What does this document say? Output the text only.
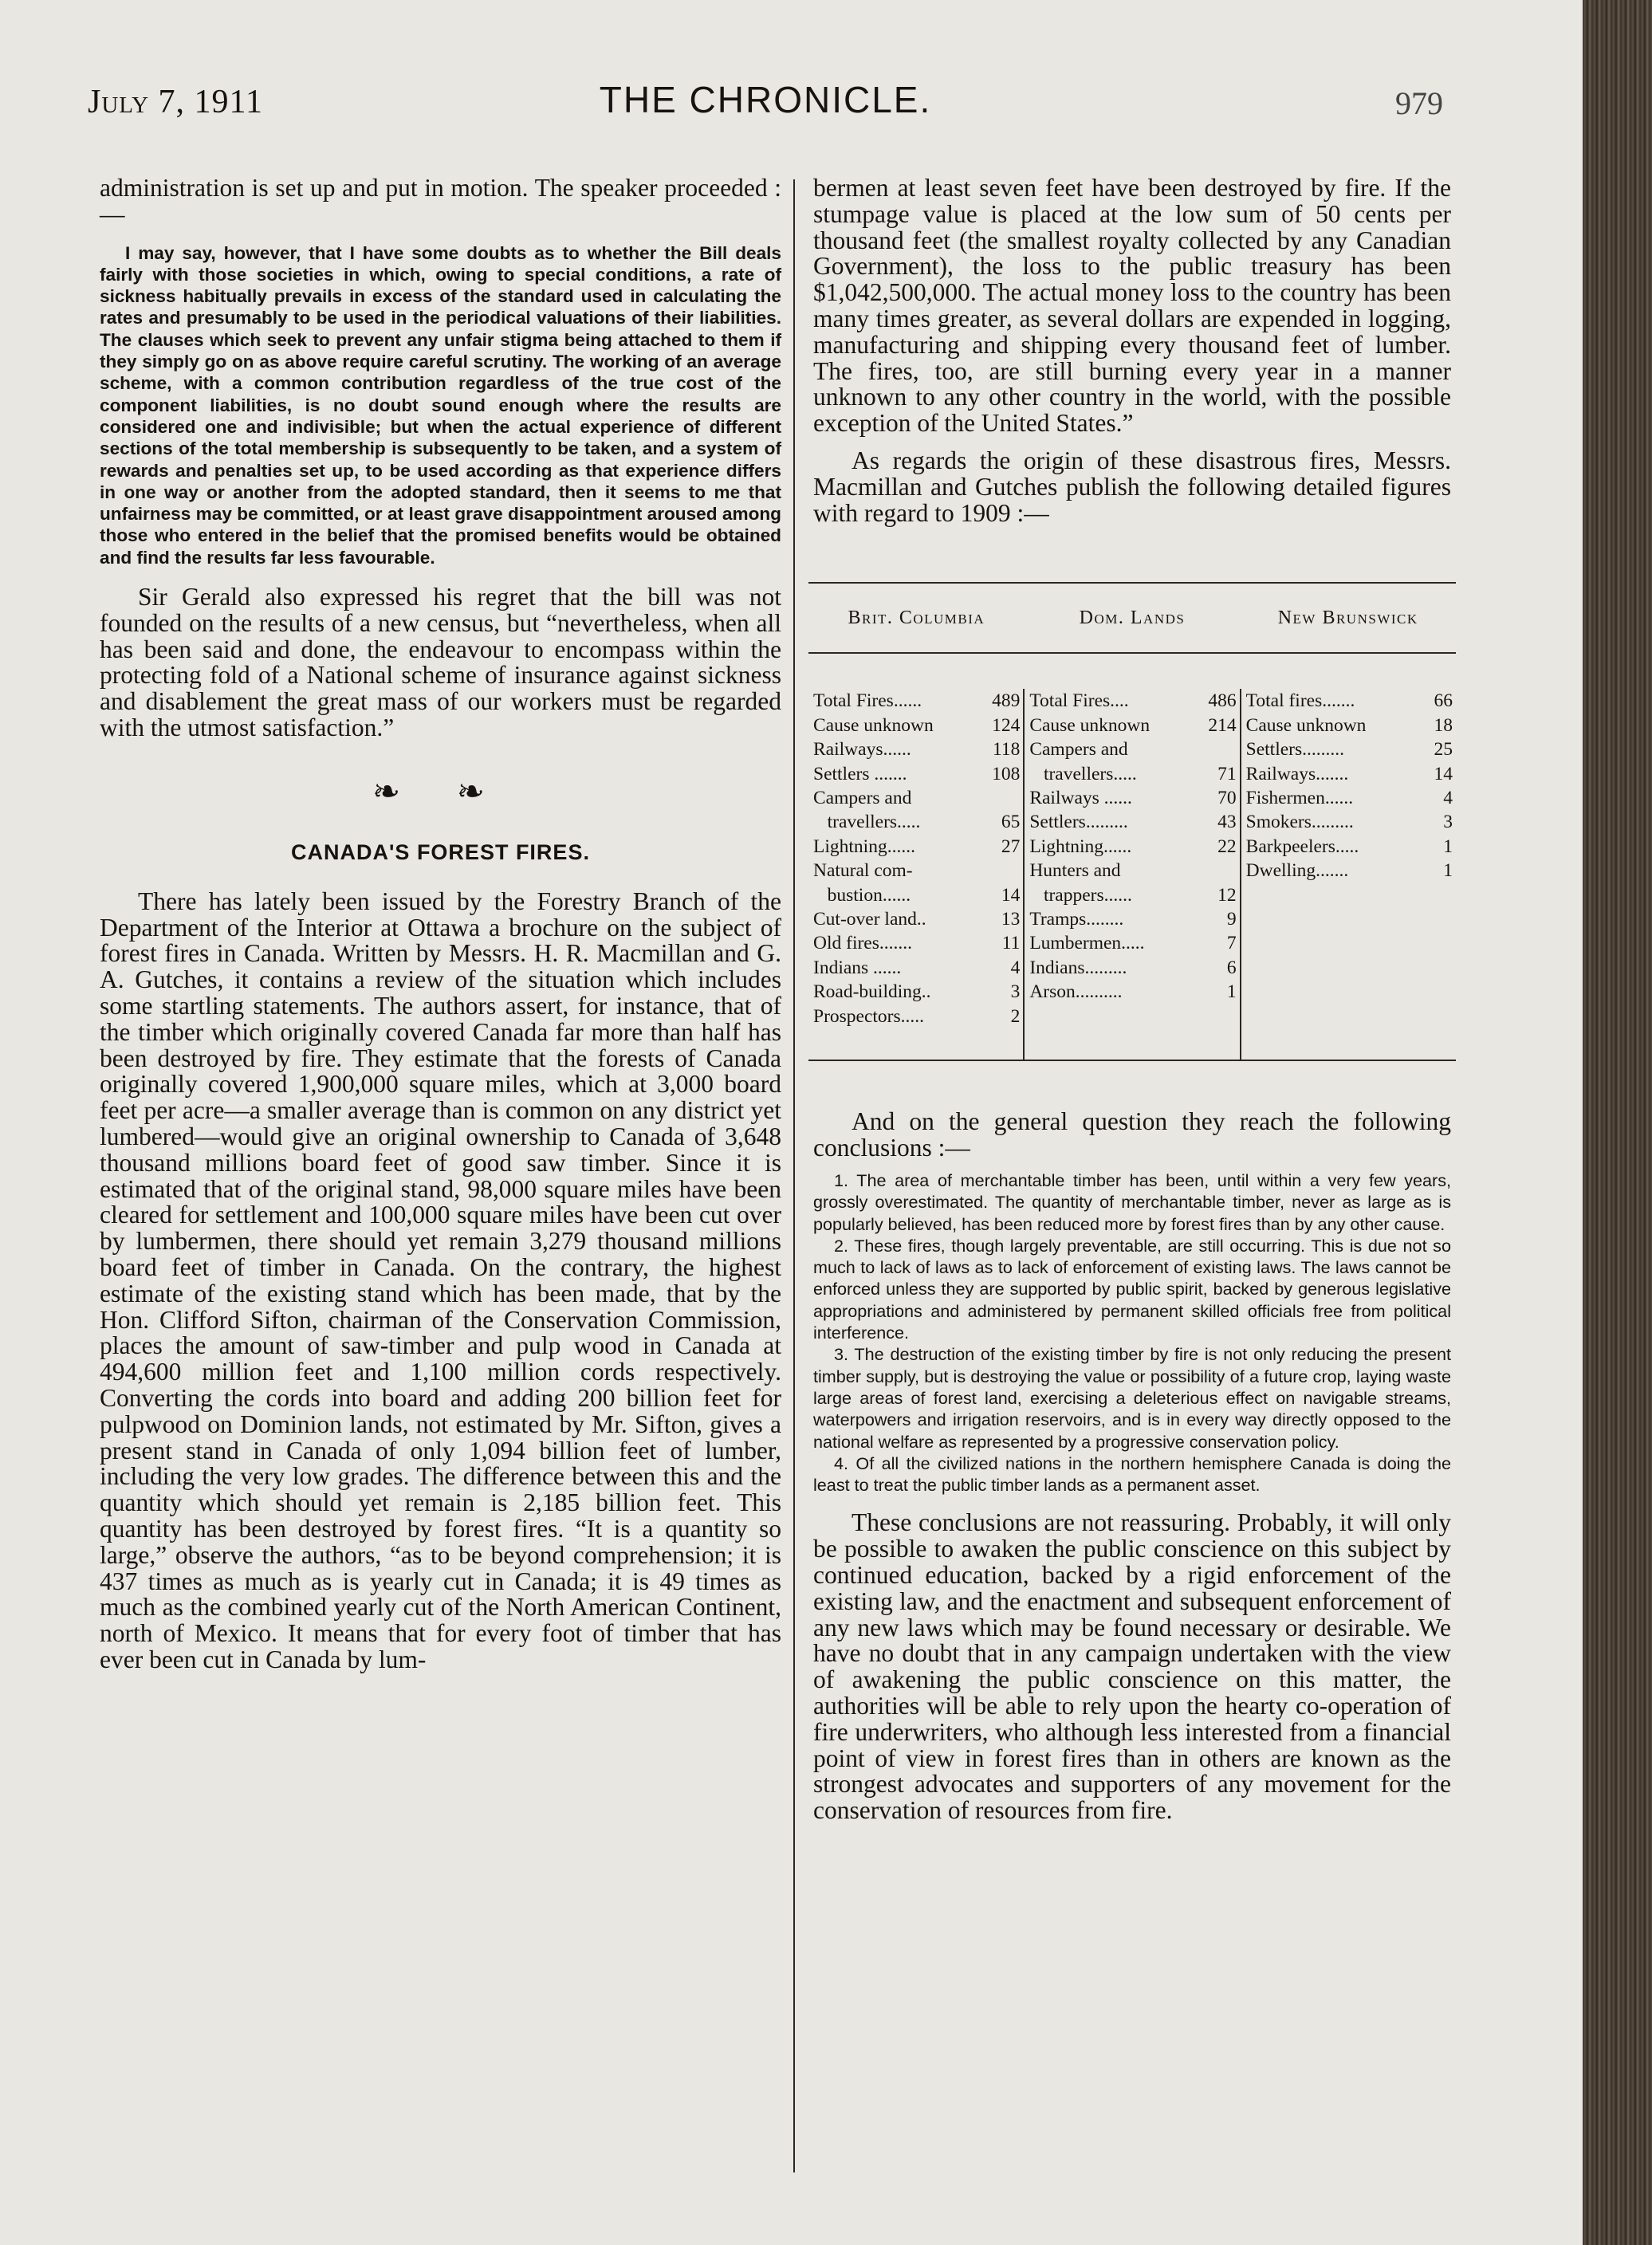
July 7, 1911	THE CHRONICLE.	979

administration is set up and put in motion. The speaker proceeded :—

I may say, however, that I have some doubts as to whether the Bill deals fairly with those societies in which, owing to special conditions, a rate of sickness habitually prevails in excess of the standard used in calculating the rates and presumably to be used in the periodical valuations of their liabilities. The clauses which seek to prevent any unfair stigma being attached to them if they simply go on as above require careful scrutiny. The working of an average scheme, with a common contribution regardless of the true cost of the component liabilities, is no doubt sound enough where the results are considered one and indivisible; but when the actual experience of different sections of the total membership is subsequently to be taken, and a system of rewards and penalties set up, to be used according as that experience differs in one way or another from the adopted standard, then it seems to me that unfairness may be committed, or at least grave disappointment aroused among those who entered in the belief that the promised benefits would be obtained and find the results far less favourable.

Sir Gerald also expressed his regret that the bill was not founded on the results of a new census, but “nevertheless, when all has been said and done, the endeavour to encompass within the protecting fold of a National scheme of insurance against sickness and disablement the great mass of our workers must be regarded with the utmost satisfaction.”

❧ ❧
CANADA'S FOREST FIRES.

There has lately been issued by the Forestry Branch of the Department of the Interior at Ottawa a brochure on the subject of forest fires in Canada. Written by Messrs. H. R. Macmillan and G. A. Gutches, it contains a review of the situation which includes some startling statements. The authors assert, for instance, that of the timber which originally covered Canada far more than half has been destroyed by fire. They estimate that the forests of Canada originally covered 1,900,000 square miles, which at 3,000 board feet per acre—a smaller average than is common on any district yet lumbered—would give an original ownership to Canada of 3,648 thousand millions board feet of good saw timber. Since it is estimated that of the original stand, 98,000 square miles have been cleared for settlement and 100,000 square miles have been cut over by lumbermen, there should yet remain 3,279 thousand millions board feet of timber in Canada. On the contrary, the highest estimate of the existing stand which has been made, that by the Hon. Clifford Sifton, chairman of the Conservation Commission, places the amount of saw-timber and pulp wood in Canada at 494,600 million feet and 1,100 million cords respectively. Converting the cords into board and adding 200 billion feet for pulpwood on Dominion lands, not estimated by Mr. Sifton, gives a present stand in Canada of only 1,094 billion feet of lumber, including the very low grades. The difference between this and the quantity which should yet remain is 2,185 billion feet. This quantity has been destroyed by forest fires. “It is a quantity so large,” observe the authors, “as to be beyond comprehension; it is 437 times as much as is yearly cut in Canada; it is 49 times as much as the combined yearly cut of the North American Continent, north of Mexico. It means that for every foot of timber that has ever been cut in Canada by lum-

bermen at least seven feet have been destroyed by fire. If the stumpage value is placed at the low sum of 50 cents per thousand feet (the smallest royalty collected by any Canadian Government), the loss to the public treasury has been $1,042,500,000. The actual money loss to the country has been many times greater, as several dollars are expended in logging, manufacturing and shipping every thousand feet of lumber. The fires, too, are still burning every year in a manner unknown to any other country in the world, with the possible exception of the United States.”

As regards the origin of these disastrous fires, Messrs. Macmillan and Gutches publish the following detailed figures with regard to 1909 :—

Brit. Columbia	Dom. Lands	New Brunswick
Total Fires......	489
Cause unknown	124
Railways......	118
Settlers .......	108
Campers and
travellers.....	65
Lightning......	27
Natural com-
bustion......	14
Cut-over land..	13
Old fires.......	11
Indians ......	4
Road-building..	3
Prospectors.....	2
Total Fires....	486
Cause unknown	214
Campers and
travellers.....	71
Railways ......	70
Settlers.........	43
Lightning......	22
Hunters and
trappers......	12
Tramps........	9
Lumbermen.....	7
Indians.........	6
Arson..........	1
Total fires.......	66
Cause unknown	18
Settlers.........	25
Railways.......	14
Fishermen......	4
Smokers.........	3
Barkpeelers.....	1
Dwelling.......	1

And on the general question they reach the following conclusions :—

1. The area of merchantable timber has been, until within a very few years, grossly overestimated. The quantity of merchantable timber, never as large as is popularly believed, has been reduced more by forest fires than by any other cause.

2. These fires, though largely preventable, are still occurring. This is due not so much to lack of laws as to lack of enforcement of existing laws. The laws cannot be enforced unless they are supported by public spirit, backed by generous legislative appropriations and administered by permanent skilled officials free from political interference.

3. The destruction of the existing timber by fire is not only reducing the present timber supply, but is destroying the value or possibility of a future crop, laying waste large areas of forest land, exercising a deleterious effect on navigable streams, waterpowers and irrigation reservoirs, and is in every way directly opposed to the national welfare as represented by a progressive conservation policy.

4. Of all the civilized nations in the northern hemisphere Canada is doing the least to treat the public timber lands as a permanent asset.

These conclusions are not reassuring. Probably, it will only be possible to awaken the public conscience on this subject by continued education, backed by a rigid enforcement of the existing law, and the enactment and subsequent enforcement of any new laws which may be found necessary or desirable. We have no doubt that in any campaign undertaken with the view of awakening the public conscience on this matter, the authorities will be able to rely upon the hearty co-operation of fire underwriters, who although less interested from a financial point of view in forest fires than in others are known as the strongest advocates and supporters of any movement for the conservation of resources from fire.
